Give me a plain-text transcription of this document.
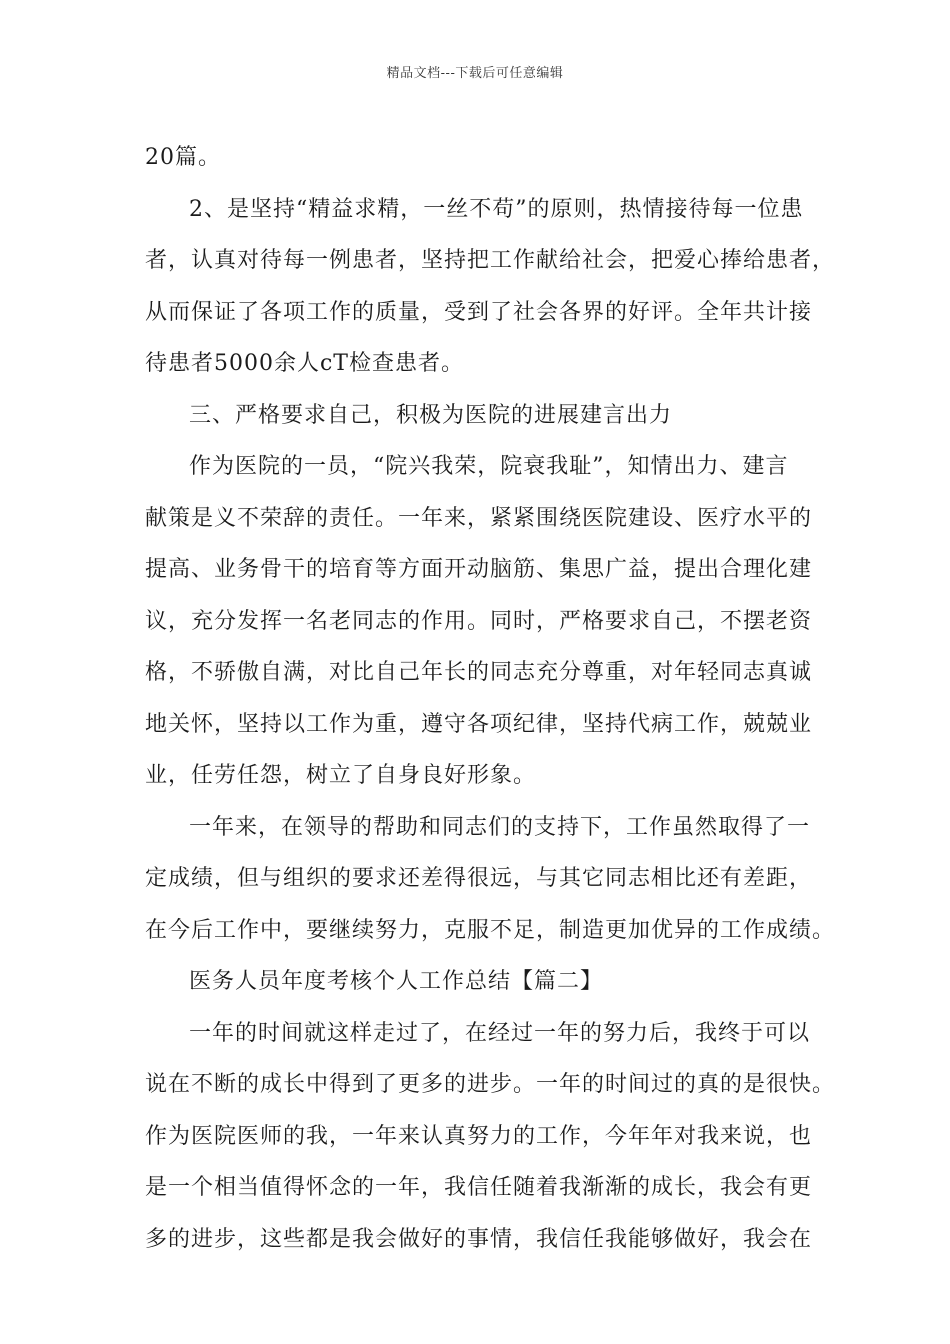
精品文档---下载后可任意编辑
20篇。
2、是坚持“精益求精，一丝不苟”的原则，热情接待每一位患
者，认真对待每一例患者，坚持把工作献给社会，把爱心捧给患者，
从而保证了各项工作的质量，受到了社会各界的好评。全年共计接
待患者5000余人cT检查患者。
三、严格要求自己，积极为医院的进展建言出力
作为医院的一员，“院兴我荣，院衰我耻”，知情出力、建言
献策是义不荣辞的责任。一年来，紧紧围绕医院建设、医疗水平的
提高、业务骨干的培育等方面开动脑筋、集思广益，提出合理化建
议，充分发挥一名老同志的作用。同时，严格要求自己，不摆老资
格，不骄傲自满，对比自己年长的同志充分尊重，对年轻同志真诚
地关怀，坚持以工作为重，遵守各项纪律，坚持代病工作，兢兢业
业，任劳任怨，树立了自身良好形象。
一年来，在领导的帮助和同志们的支持下，工作虽然取得了一
定成绩，但与组织的要求还差得很远，与其它同志相比还有差距，
在今后工作中，要继续努力，克服不足，制造更加优异的工作成绩。
医务人员年度考核个人工作总结【篇二】
一年的时间就这样走过了，在经过一年的努力后，我终于可以
说在不断的成长中得到了更多的进步。一年的时间过的真的是很快。
作为医院医师的我，一年来认真努力的工作，今年年对我来说，也
是一个相当值得怀念的一年，我信任随着我渐渐的成长，我会有更
多的进步，这些都是我会做好的事情，我信任我能够做好，我会在
